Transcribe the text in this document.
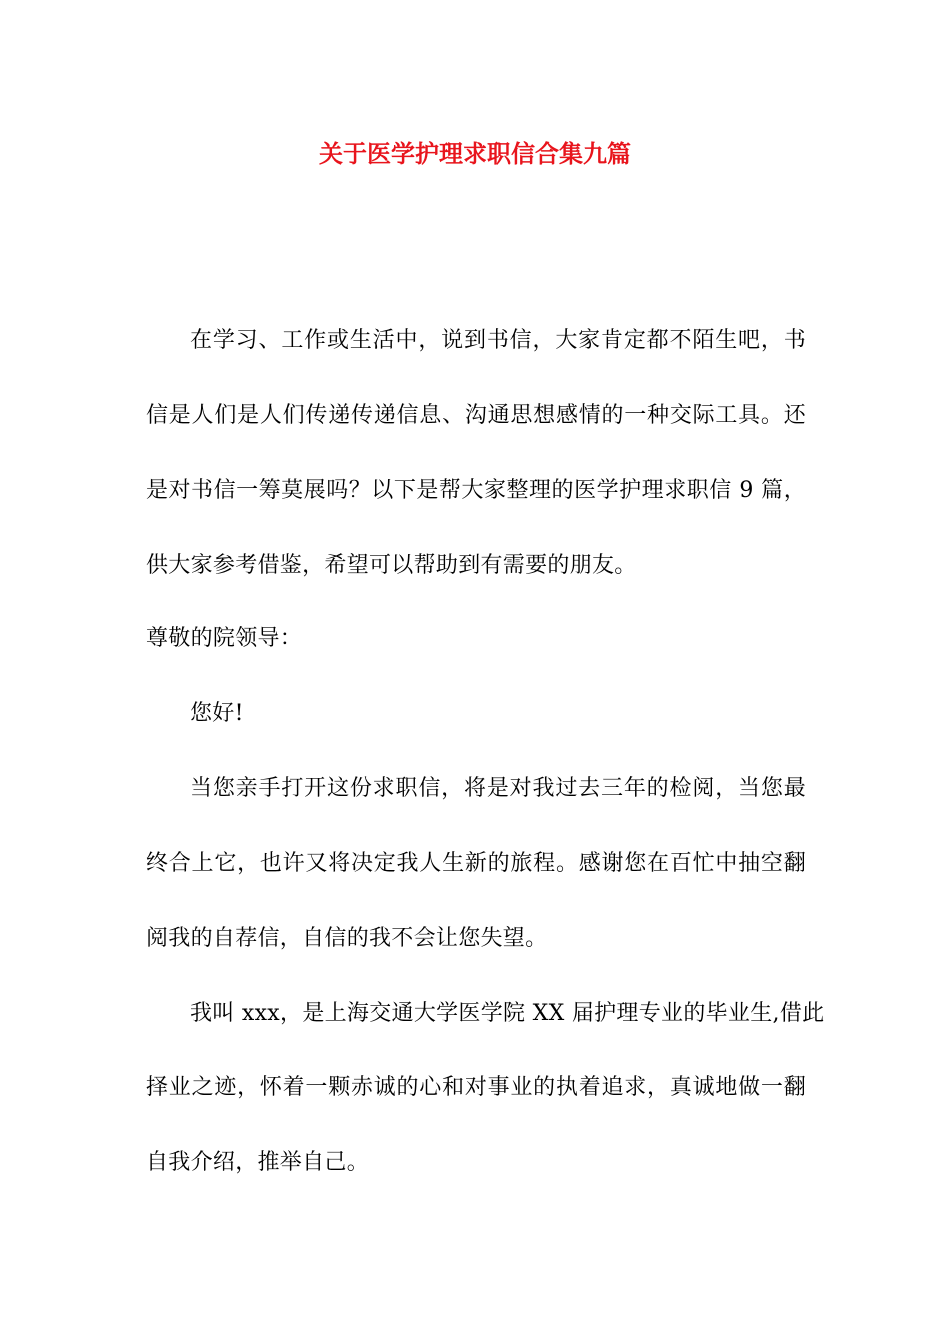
关于医学护理求职信合集九篇
在学习、工作或生活中，说到书信，大家肯定都不陌生吧，书
信是人们是人们传递传递信息、沟通思想感情的一种交际工具。还
是对书信一筹莫展吗？以下是帮大家整理的医学护理求职信 9 篇，
供大家参考借鉴，希望可以帮助到有需要的朋友。
尊敬的院领导：
您好!
当您亲手打开这份求职信，将是对我过去三年的检阅，当您最
终合上它，也许又将决定我人生新的旅程。感谢您在百忙中抽空翻
阅我的自荐信，自信的我不会让您失望。
我叫 xxx，是上海交通大学医学院 XX 届护理专业的毕业生,借此
择业之迹，怀着一颗赤诚的心和对事业的执着追求，真诚地做一翻
自我介绍，推举自己。
